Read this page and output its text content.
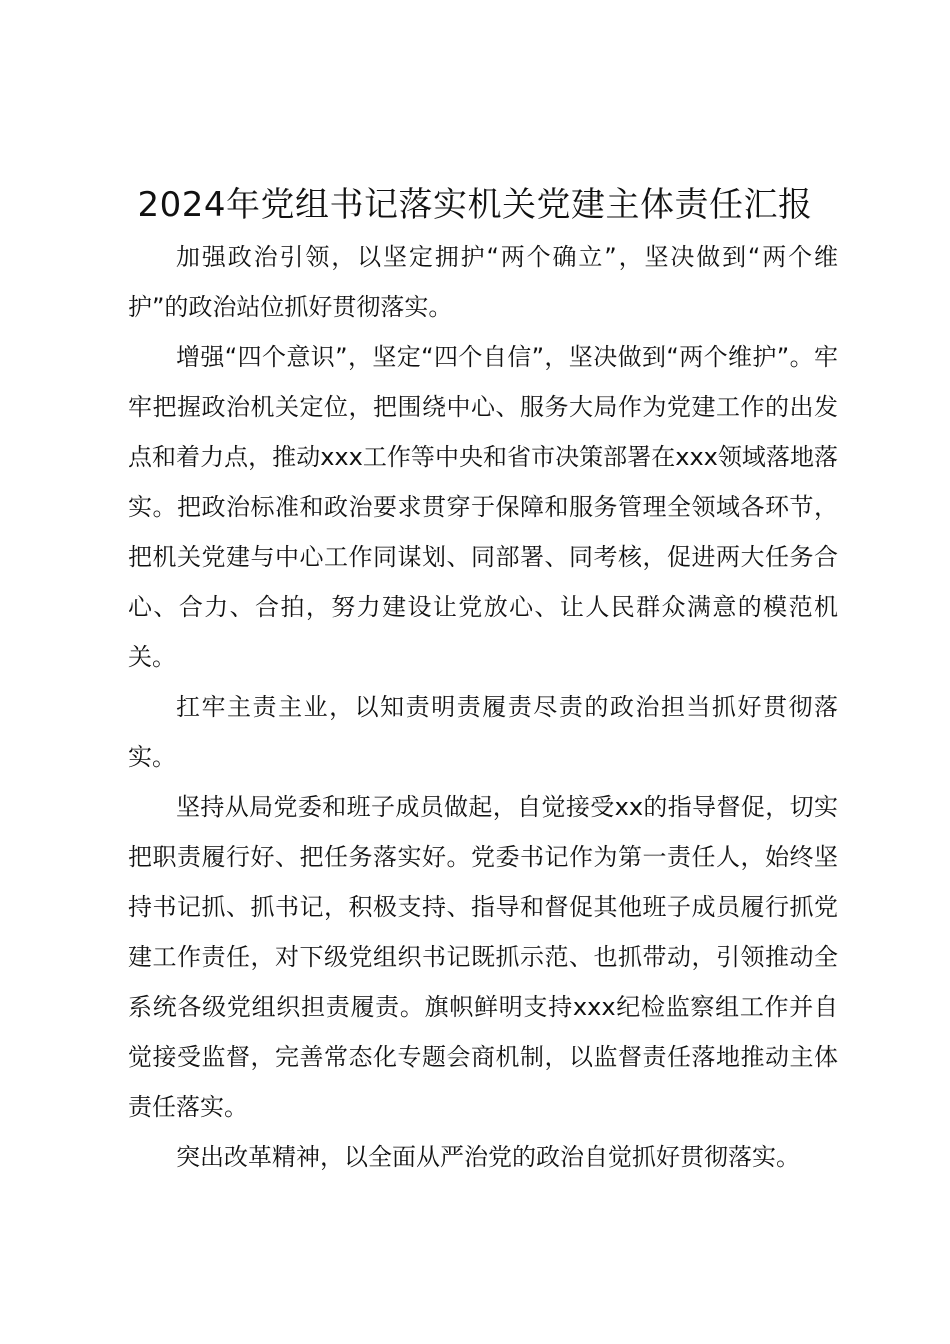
2024年党组书记落实机关党建主体责任汇报

加强政治引领，以坚定拥护“两个确立”，坚决做到“两个维护”的政治站位抓好贯彻落实。

增强“四个意识”，坚定“四个自信”，坚决做到“两个维护”。牢牢把握政治机关定位，把围绕中心、服务大局作为党建工作的出发点和着力点，推动xxx工作等中央和省市决策部署在xxx领域落地落实。把政治标准和政治要求贯穿于保障和服务管理全领域各环节，把机关党建与中心工作同谋划、同部署、同考核，促进两大任务合心、合力、合拍，努力建设让党放心、让人民群众满意的模范机关。

扛牢主责主业，以知责明责履责尽责的政治担当抓好贯彻落实。

坚持从局党委和班子成员做起，自觉接受xx的指导督促，切实把职责履行好、把任务落实好。党委书记作为第一责任人，始终坚持书记抓、抓书记，积极支持、指导和督促其他班子成员履行抓党建工作责任，对下级党组织书记既抓示范、也抓带动，引领推动全系统各级党组织担责履责。旗帜鲜明支持xxx纪检监察组工作并自觉接受监督，完善常态化专题会商机制，以监督责任落地推动主体责任落实。

突出改革精神，以全面从严治党的政治自觉抓好贯彻落实。
